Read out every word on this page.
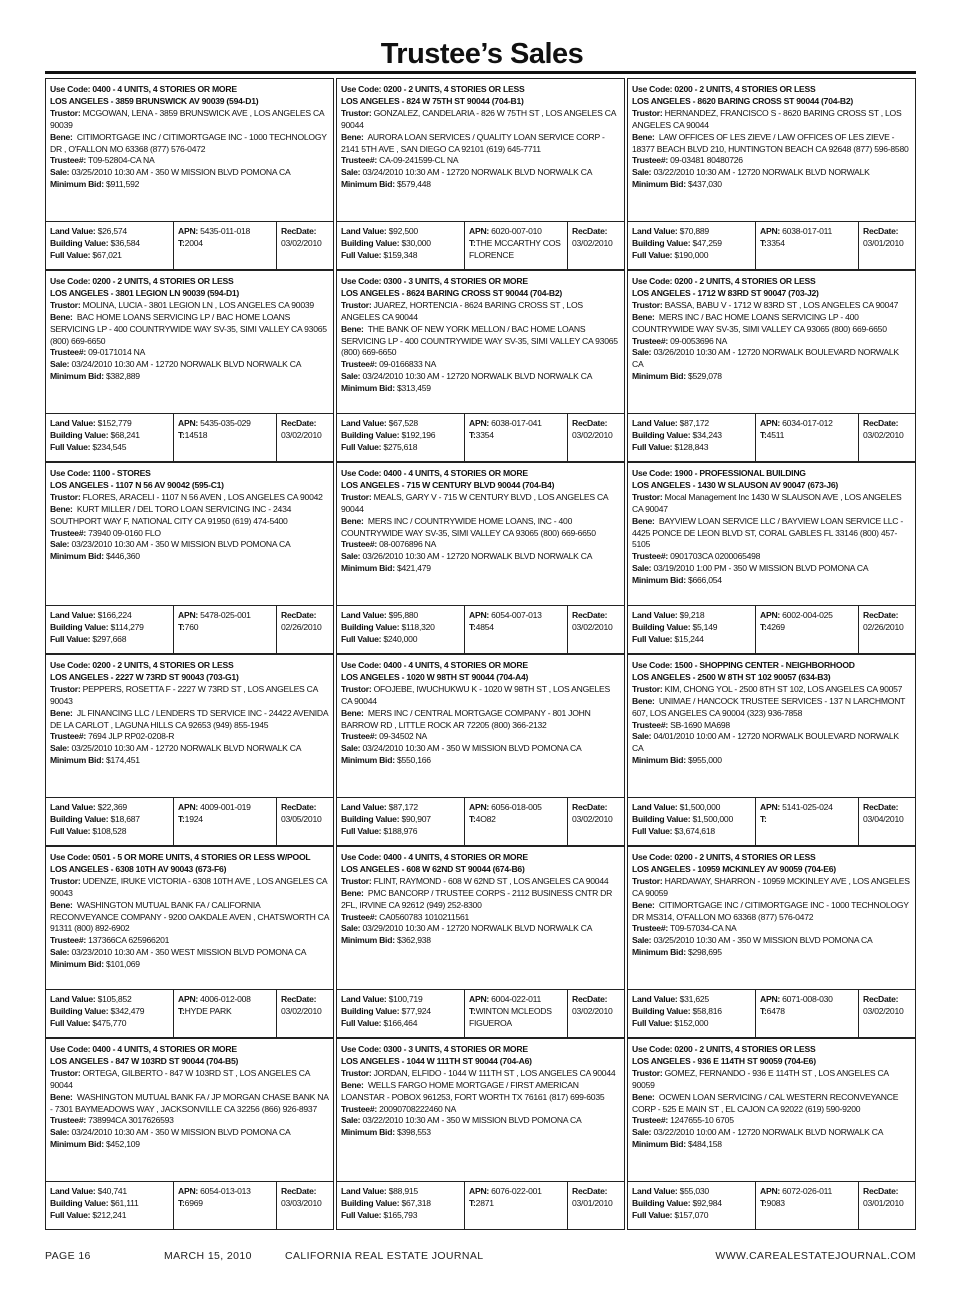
Trustee’s Sales
Use Code: 0400 - 4 UNITS, 4 STORIES OR MORE
LOS ANGELES - 3859 BRUNSWICK AV 90039 (594-D1)
Trustor: MCGOWAN, LENA - 3859 BRUNSWICK AVE , LOS ANGELES CA 90039
Bene: CITIMORTGAGE INC / CITIMORTGAGE INC - 1000 TECHNOLOGY DR , O'FALLON MO 63368 (877) 576-0472
Trustee#: T09-52804-CA NA
Sale: 03/25/2010 10:30 AM - 350 W MISSION BLVD POMONA CA
Minimum Bid: $911,592
Land Value: $26,574
Building Value: $36,584
Full Value: $67,021
APN: 5435-011-018
T:2004
RecDate:
03/02/2010
Use Code: 0200 - 2 UNITS, 4 STORIES OR LESS
LOS ANGELES - 824 W 75TH ST 90044 (704-B1)
Trustor: GONZALEZ, CANDELARIA - 826 W 75TH ST , LOS ANGELES CA 90044
Bene: AURORA LOAN SERVICES / QUALITY LOAN SERVICE CORP - 2141 5TH AVE , SAN DIEGO CA 92101 (619) 645-7711
Trustee#: CA-09-241599-CL NA
Sale: 03/24/2010 10:30 AM - 12720 NORWALK BLVD NORWALK CA
Minimum Bid: $579,448
Land Value: $92,500
Building Value: $30,000
Full Value: $159,348
APN: 6020-007-010
T:THE MCCARTHY COS FLORENCE
RecDate:
03/02/2010
Use Code: 0200 - 2 UNITS, 4 STORIES OR LESS
LOS ANGELES - 8620 BARING CROSS ST 90044 (704-B2)
Trustor: HERNANDEZ, FRANCISCO S - 8620 BARING CROSS ST , LOS ANGELES CA 90044
Bene: LAW OFFICES OF LES ZIEVE / LAW OFFICES OF LES ZIEVE - 18377 BEACH BLVD 210, HUNTINGTON BEACH CA 92648 (877) 596-8580
Trustee#: 09-03481 80480726
Sale: 03/22/2010 10:30 AM - 12720 NORWALK BLVD NORWALK
Minimum Bid: $437,030
Land Value: $70,889
Building Value: $47,259
Full Value: $190,000
APN: 6038-017-011
T:3354
RecDate:
03/01/2010
Use Code: 0200 - 2 UNITS, 4 STORIES OR LESS
LOS ANGELES - 3801 LEGION LN 90039 (594-D1)
Trustor: MOLINA, LUCIA - 3801 LEGION LN , LOS ANGELES CA 90039
Bene: BAC HOME LOANS SERVICING LP / BAC HOME LOANS SERVICING LP - 400 COUNTRYWIDE WAY SV-35, SIMI VALLEY CA 93065 (800) 669-6650
Trustee#: 09-0171014 NA
Sale: 03/24/2010 10:30 AM - 12720 NORWALK BLVD NORWALK CA
Minimum Bid: $382,889
Land Value: $152,779
Building Value: $68,241
Full Value: $234,545
APN: 5435-035-029
T:14518
RecDate:
03/02/2010
Use Code: 0300 - 3 UNITS, 4 STORIES OR MORE
LOS ANGELES - 8624 BARING CROSS ST 90044 (704-B2)
Trustor: JUAREZ, HORTENCIA - 8624 BARING CROSS ST , LOS ANGELES CA 90044
Bene: THE BANK OF NEW YORK MELLON / BAC HOME LOANS SERVICING LP - 400 COUNTRYWIDE WAY SV-35, SIMI VALLEY CA 93065 (800) 669-6650
Trustee#: 09-0166833 NA
Sale: 03/24/2010 10:30 AM - 12720 NORWALK BLVD NORWALK CA
Minimum Bid: $313,459
Land Value: $67,528
Building Value: $192,196
Full Value: $275,618
APN: 6038-017-041
T:3354
RecDate:
03/02/2010
Use Code: 0200 - 2 UNITS, 4 STORIES OR LESS
LOS ANGELES - 1712 W 83RD ST 90047 (703-J2)
Trustor: BASSA, BABU V - 1712 W 83RD ST , LOS ANGELES CA 90047
Bene: MERS INC / BAC HOME LOANS SERVICING LP - 400 COUNTRYWIDE WAY SV-35, SIMI VALLEY CA 93065 (800) 669-6650
Trustee#: 09-0053696 NA
Sale: 03/26/2010 10:30 AM - 12720 NORWALK BOULEVARD NORWALK CA
Minimum Bid: $529,078
Land Value: $87,172
Building Value: $34,243
Full Value: $128,843
APN: 6034-017-012
T:4511
RecDate:
03/02/2010
Use Code: 1100 - STORES
LOS ANGELES - 1107 N 56 AV 90042 (595-C1)
Trustor: FLORES, ARACELI - 1107 N 56 AVEN , LOS ANGELES CA 90042
Bene: KURT MILLER / DEL TORO LOAN SERVICING INC - 2434 SOUTHPORT WAY F, NATIONAL CITY CA 91950 (619) 474-5400
Trustee#: 73940 09-0160 FLO
Sale: 03/23/2010 10:30 AM - 350 W MISSION BLVD POMONA CA
Minimum Bid: $446,360
Land Value: $166,224
Building Value: $114,279
Full Value: $297,668
APN: 5478-025-001
T:760
RecDate:
02/26/2010
Use Code: 0400 - 4 UNITS, 4 STORIES OR MORE
LOS ANGELES - 715 W CENTURY BLVD 90044 (704-B4)
Trustor: MEALS, GARY V - 715 W CENTURY BLVD , LOS ANGELES CA 90044
Bene: MERS INC / COUNTRYWIDE HOME LOANS, INC - 400 COUNTRYWIDE WAY SV-35, SIMI VALLEY CA 93065 (800) 669-6650
Trustee#: 08-0076896 NA
Sale: 03/26/2010 10:30 AM - 12720 NORWALK BLVD NORWALK CA
Minimum Bid: $421,479
Land Value: $95,880
Building Value: $118,320
Full Value: $240,000
APN: 6054-007-013
T:4854
RecDate:
03/02/2010
Use Code: 1900 - PROFESSIONAL BUILDING
LOS ANGELES - 1430 W SLAUSON AV 90047 (673-J6)
Trustor: Mocal Management Inc 1430 W SLAUSON AVE , LOS ANGELES CA 90047
Bene: BAYVIEW LOAN SERVICE LLC / BAYVIEW LOAN SERVICE LLC - 4425 PONCE DE LEON BLVD ST, CORAL GABLES FL 33146 (800) 457-5105
Trustee#: 0901703CA 0200065498
Sale: 03/19/2010 1:00 PM - 350 W MISSION BLVD POMONA CA
Minimum Bid: $666,054
Land Value: $9,218
Building Value: $5,149
Full Value: $15,244
APN: 6002-004-025
T:4269
RecDate:
02/26/2010
Use Code: 0200 - 2 UNITS, 4 STORIES OR LESS
LOS ANGELES - 2227 W 73RD ST 90043 (703-G1)
Trustor: PEPPERS, ROSETTA F - 2227 W 73RD ST , LOS ANGELES CA 90043
Bene: JL FINANCING LLC / LENDERS TD SERVICE INC - 24422 AVENIDA DE LA CARLOT , LAGUNA HILLS CA 92653 (949) 855-1945
Trustee#: 7694 JLP RP02-0208-R
Sale: 03/25/2010 10:30 AM - 12720 NORWALK BLVD NORWALK CA
Minimum Bid: $174,451
Land Value: $22,369
Building Value: $18,687
Full Value: $108,528
APN: 4009-001-019
T:1924
RecDate:
03/05/2010
Use Code: 0400 - 4 UNITS, 4 STORIES OR MORE
LOS ANGELES - 1020 W 98TH ST 90044 (704-A4)
Trustor: OFOJEBE, IWUCHUKWU K - 1020 W 98TH ST , LOS ANGELES CA 90044
Bene: MERS INC / CENTRAL MORTGAGE COMPANY - 801 JOHN BARROW RD , LITTLE ROCK AR 72205 (800) 366-2132
Trustee#: 09-34502 NA
Sale: 03/24/2010 10:30 AM - 350 W MISSION BLVD POMONA CA
Minimum Bid: $550,166
Land Value: $87,172
Building Value: $90,907
Full Value: $188,976
APN: 6056-018-005
T:4O82
RecDate:
03/02/2010
Use Code: 1500 - SHOPPING CENTER - NEIGHBORHOOD
LOS ANGELES - 2500 W 8TH ST 102 90057 (634-B3)
Trustor: KIM, CHONG YOL - 2500 8TH ST 102, LOS ANGELES CA 90057
Bene: UNIMAE / HANCOCK TRUSTEE SERVICES - 137 N LARCHMONT 607, LOS ANGELES CA 90004 (323) 936-7858
Trustee#: SB-1690 MA698
Sale: 04/01/2010 10:00 AM - 12720 NORWALK BOULEVARD NORWALK CA
Minimum Bid: $955,000
Land Value: $1,500,000
Building Value: $1,500,000
Full Value: $3,674,618
APN: 5141-025-024
T:
RecDate:
03/04/2010
Use Code: 0501 - 5 OR MORE UNITS, 4 STORIES OR LESS W/POOL
LOS ANGELES - 6308 10TH AV 90043 (673-F6)
Trustor: UDENZE, IRUKE VICTORIA - 6308 10TH AVE , LOS ANGELES CA 90043
Bene: WASHINGTON MUTUAL BANK FA / CALIFORNIA RECONVEYANCE COMPANY - 9200 OAKDALE AVEN , CHATSWORTH CA 91311 (800) 892-6902
Trustee#: 137366CA 625966201
Sale: 03/23/2010 10:30 AM - 350 WEST MISSION BLVD POMONA CA
Minimum Bid: $101,069
Land Value: $105,852
Building Value: $342,479
Full Value: $475,770
APN: 4006-012-008
T:HYDE PARK
RecDate:
03/02/2010
Use Code: 0400 - 4 UNITS, 4 STORIES OR MORE
LOS ANGELES - 608 W 62ND ST 90044 (674-B6)
Trustor: FLINT, RAYMOND - 608 W 62ND ST , LOS ANGELES CA 90044
Bene: PMC BANCORP / TRUSTEE CORPS - 2112 BUSINESS CNTR DR 2FL, IRVINE CA 92612 (949) 252-8300
Trustee#: CA0560783 1010211561
Sale: 03/29/2010 10:30 AM - 12720 NORWALK BLVD NORWALK CA
Minimum Bid: $362,938
Land Value: $100,719
Building Value: $77,924
Full Value: $166,464
APN: 6004-022-011
T:WINTON MCLEODS FIGUEROA
RecDate:
03/02/2010
Use Code: 0200 - 2 UNITS, 4 STORIES OR LESS
LOS ANGELES - 10959 MCKINLEY AV 90059 (704-E6)
Trustor: HARDAWAY, SHARRON - 10959 MCKINLEY AVE , LOS ANGELES CA 90059
Bene: CITIMORTGAGE INC / CITIMORTGAGE INC - 1000 TECHNOLOGY DR MS314, O'FALLON MO 63368 (877) 576-0472
Trustee#: T09-57034-CA NA
Sale: 03/25/2010 10:30 AM - 350 W MISSION BLVD POMONA CA
Minimum Bid: $298,695
Land Value: $31,625
Building Value: $58,816
Full Value: $152,000
APN: 6071-008-030
T:6478
RecDate:
03/02/2010
Use Code: 0400 - 4 UNITS, 4 STORIES OR MORE
LOS ANGELES - 847 W 103RD ST 90044 (704-B5)
Trustor: ORTEGA, GILBERTO - 847 W 103RD ST , LOS ANGELES CA 90044
Bene: WASHINGTON MUTUAL BANK FA / JP MORGAN CHASE BANK NA - 7301 BAYMEADOWS WAY , JACKSONVILLE CA 32256 (866) 926-8937
Trustee#: 738994CA 3017626593
Sale: 03/24/2010 10:30 AM - 350 W MISSION BLVD POMONA CA
Minimum Bid: $452,109
Land Value: $40,741
Building Value: $61,111
Full Value: $212,241
APN: 6054-013-013
T:6969
RecDate:
03/03/2010
Use Code: 0300 - 3 UNITS, 4 STORIES OR MORE
LOS ANGELES - 1044 W 111TH ST 90044 (704-A6)
Trustor: JORDAN, ELFIDO - 1044 W 111TH ST , LOS ANGELES CA 90044
Bene: WELLS FARGO HOME MORTGAGE / FIRST AMERICAN LOANSTAR - POBOX 961253, FORT WORTH TX 76161 (817) 699-6035
Trustee#: 20090708222460 NA
Sale: 03/22/2010 10:30 AM - 350 W MISSION BLVD POMONA CA
Minimum Bid: $398,553
Land Value: $88,915
Building Value: $67,318
Full Value: $165,793
APN: 6076-022-001
T:2871
RecDate:
03/01/2010
Use Code: 0200 - 2 UNITS, 4 STORIES OR LESS
LOS ANGELES - 936 E 114TH ST 90059 (704-E6)
Trustor: GOMEZ, FERNANDO - 936 E 114TH ST , LOS ANGELES CA 90059
Bene: OCWEN LOAN SERVICING / CAL WESTERN RECONVEYANCE CORP - 525 E MAIN ST , EL CAJON CA 92022 (619) 590-9200
Trustee#: 1247655-10 6705
Sale: 03/22/2010 10:00 AM - 12720 NORWALK BLVD NORWALK CA
Minimum Bid: $484,158
Land Value: $55,030
Building Value: $92,984
Full Value: $157,070
APN: 6072-026-011
T:9083
RecDate:
03/01/2010
PAGE 16	MARCH 15, 2010	CALIFORNIA REAL ESTATE JOURNAL	WWW.CAREALESTATEJOURNAL.COM
